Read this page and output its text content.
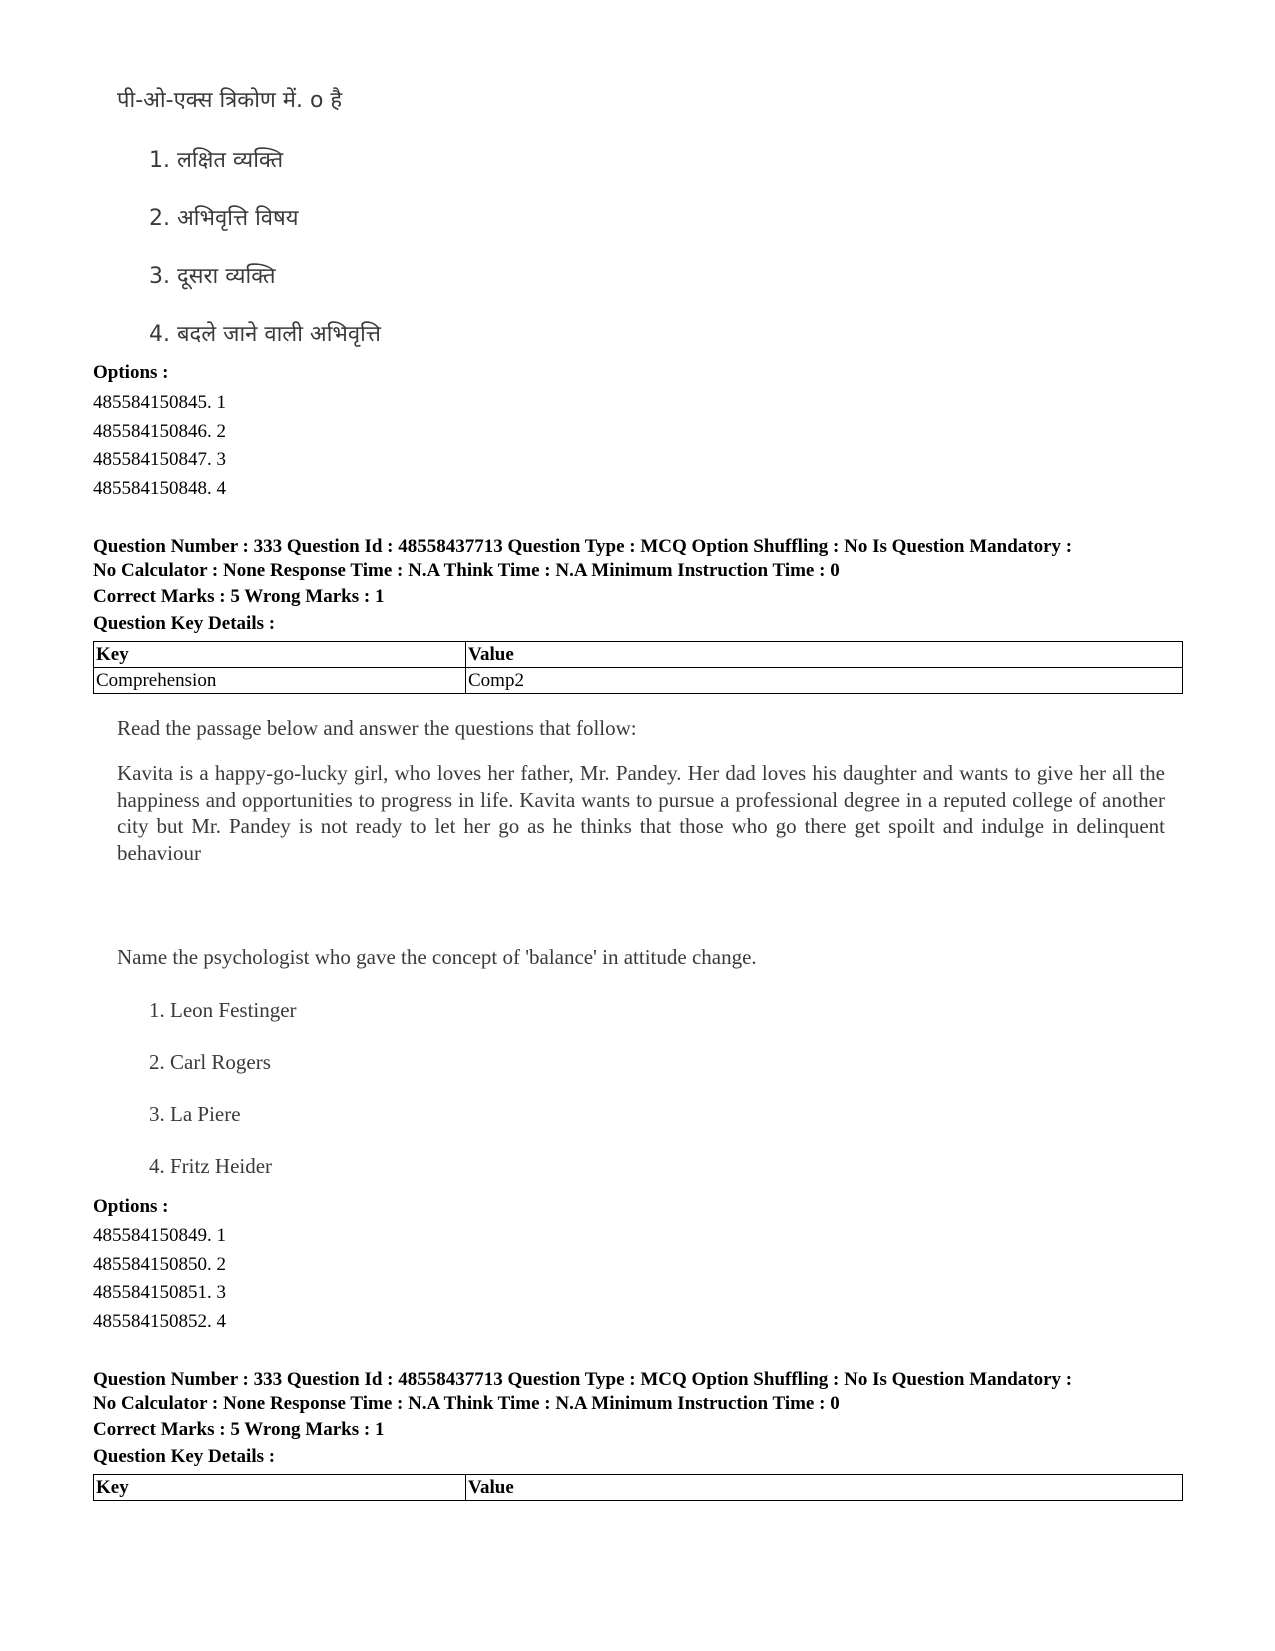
पी-ओ-एक्स त्रिकोण में. o है
1. लक्षित व्यक्ति
2. अभिवृत्ति विषय
3. दूसरा व्यक्ति
4. बदले जाने वाली अभिवृत्ति
Options :
485584150845. 1
485584150846. 2
485584150847. 3
485584150848. 4

Question Number : 333 Question Id : 48558437713 Question Type : MCQ Option Shuffling : No Is Question Mandatory :

No Calculator : None Response Time : N.A Think Time : N.A Minimum Instruction Time : 0

Correct Marks : 5 Wrong Marks : 1
Question Key Details :
Key	Value
Comprehension	Comp2

Read the passage below and answer the questions that follow:

Kavita is a happy-go-lucky girl, who loves her father, Mr. Pandey. Her dad loves his daughter and wants to give her all the happiness and opportunities to progress in life. Kavita wants to pursue a professional degree in a reputed college of another city but Mr. Pandey is not ready to let her go as he thinks that those who go there get spoilt and indulge in delinquent behaviour

Name the psychologist who gave the concept of 'balance' in attitude change.
1. Leon Festinger
2. Carl Rogers
3. La Piere
4. Fritz Heider
Options :
485584150849. 1
485584150850. 2
485584150851. 3
485584150852. 4

Question Number : 333 Question Id : 48558437713 Question Type : MCQ Option Shuffling : No Is Question Mandatory :

No Calculator : None Response Time : N.A Think Time : N.A Minimum Instruction Time : 0

Correct Marks : 5 Wrong Marks : 1
Question Key Details :
Key	Value
